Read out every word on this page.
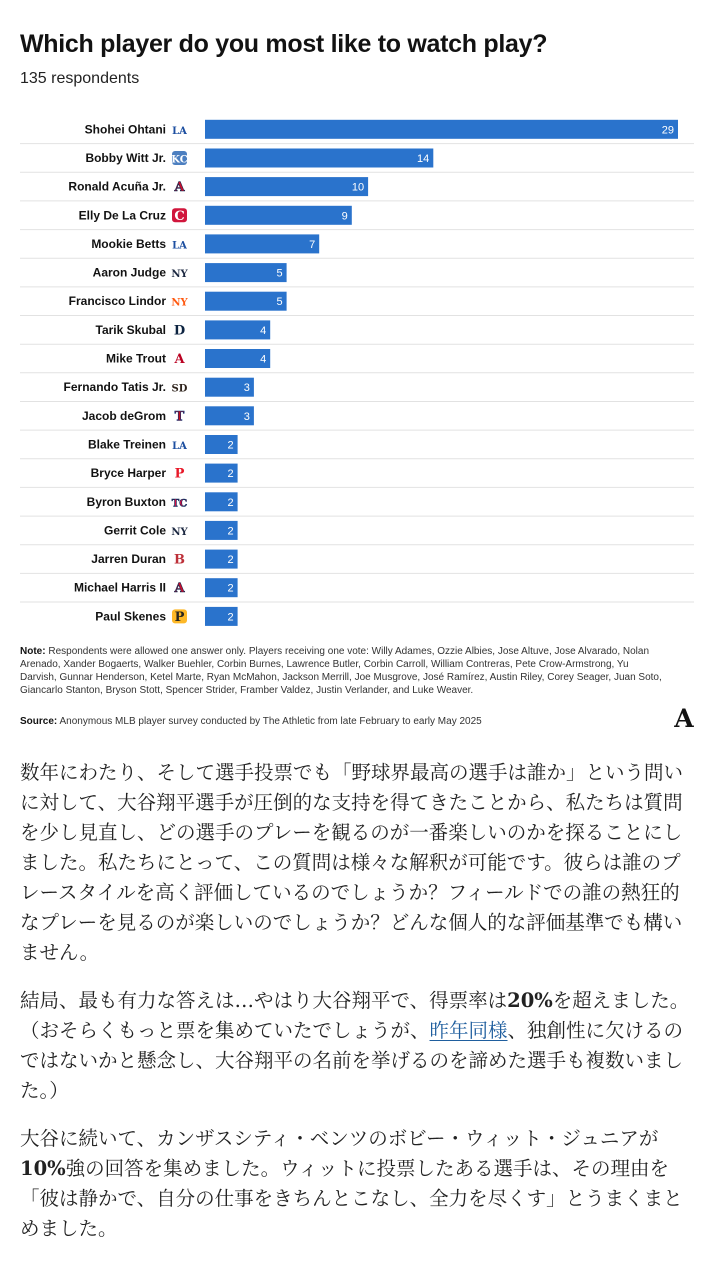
Which player do you most like to watch play?
135 respondents
Shohei Ohtani LA	29
Bobby Witt Jr. KC	14
Ronald Acuña Jr. A	10
Elly De La Cruz C	9
Mookie Betts LA	7
Aaron Judge NY	5
Francisco Lindor NY	5
Tarik Skubal D	4
Mike Trout A	4
Fernando Tatis Jr. SD	3
Jacob deGrom T	3
Blake Treinen LA	2
Bryce Harper P	2
Byron Buxton TC	2
Gerrit Cole NY	2
Jarren Duran B	2
Michael Harris II A	2
Paul Skenes P	2
Note: Respondents were allowed one answer only. Players receiving one vote: Willy Adames, Ozzie Albies, Jose Altuve, Jose Alvarado, Nolan Arenado, Xander Bogaerts, Walker Buehler, Corbin Burnes, Lawrence Butler, Corbin Carroll, William Contreras, Pete Crow-Armstrong, Yu Darvish, Gunnar Henderson, Ketel Marte, Ryan McMahon, Jackson Merrill, Joe Musgrove, José Ramírez, Austin Riley, Corey Seager, Juan Soto, Giancarlo Stanton, Bryson Stott, Spencer Strider, Framber Valdez, Justin Verlander, and Luke Weaver.
Source: Anonymous MLB player survey conducted by The Athletic from late February to early May 2025	A

数年にわたり、そして選手投票でも「野球界最高の選手は誰か」という問いに対して、大谷翔平選手が圧倒的な支持を得てきたことから、私たちは質問を少し見直し、どの選手のプレーを観るのが一番楽しいのかを探ることにしました。私たちにとって、この質問は様々な解釈が可能です。彼らは誰のプレースタイルを高く評価しているのでしょうか？フィールドでの誰の熱狂的なプレーを見るのが楽しいのでしょうか？どんな個人的な評価基準でも構いません。

結局、最も有力な答えは…やはり大谷翔平で、得票率は20%を超えました。（おそらくもっと票を集めていたでしょうが、昨年同様、独創性に欠けるのではないかと懸念し、大谷翔平の名前を挙げるのを諦めた選手も複数いました。）

大谷に続いて、カンザスシティ・ベンツのボビー・ウィット・ジュニアが10%強の回答を集めました。ウィットに投票したある選手は、その理由を「彼は静かで、自分の仕事をきちんとこなし、全力を尽くす」とうまくまとめました。
